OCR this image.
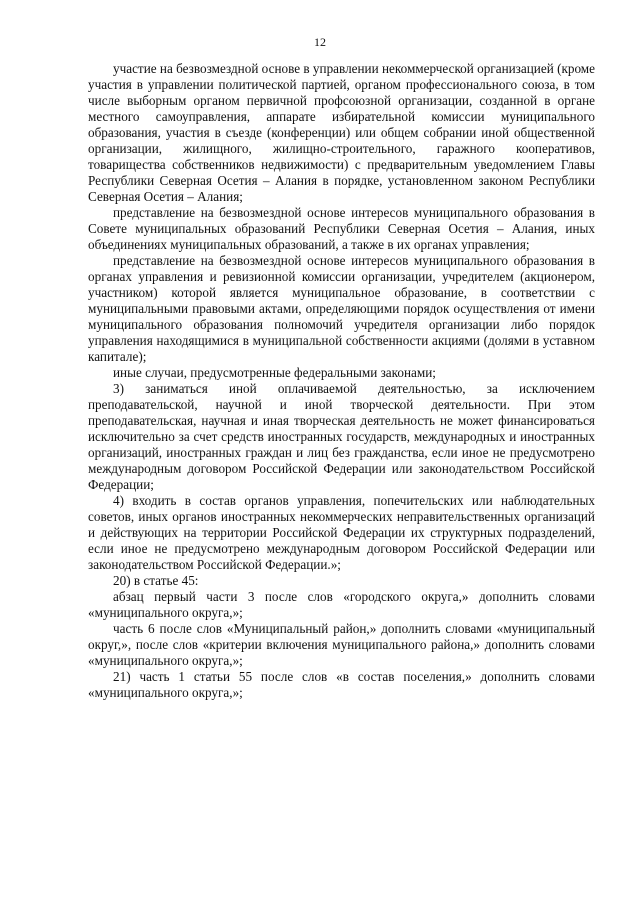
12

участие на безвозмездной основе в управлении некоммерческой организацией (кроме участия в управлении политической партией, органом профессионального союза, в том числе выборным органом первичной профсоюзной организации, созданной в органе местного самоуправления, аппарате избирательной комиссии муниципального образования, участия в съезде (конференции) или общем собрании иной общественной организации, жилищного, жилищно-строительного, гаражного кооперативов, товарищества собственников недвижимости) с предварительным уведомлением Главы Республики Северная Осетия – Алания в порядке, установленном законом Республики Северная Осетия – Алания;

представление на безвозмездной основе интересов муниципального образования в Совете муниципальных образований Республики Северная Осетия – Алания, иных объединениях муниципальных образований, а также в их органах управления;

представление на безвозмездной основе интересов муниципального образования в органах управления и ревизионной комиссии организации, учредителем (акционером, участником) которой является муниципальное образование, в соответствии с муниципальными правовыми актами, определяющими порядок осуществления от имени муниципального образования полномочий учредителя организации либо порядок управления находящимися в муниципальной собственности акциями (долями в уставном капитале);

иные случаи, предусмотренные федеральными законами;

3) заниматься иной оплачиваемой деятельностью, за исключением преподавательской, научной и иной творческой деятельности. При этом преподавательская, научная и иная творческая деятельность не может финансироваться исключительно за счет средств иностранных государств, международных и иностранных организаций, иностранных граждан и лиц без гражданства, если иное не предусмотрено международным договором Российской Федерации или законодательством Российской Федерации;

4) входить в состав органов управления, попечительских или наблюдательных советов, иных органов иностранных некоммерческих неправительственных организаций и действующих на территории Российской Федерации их структурных подразделений, если иное не предусмотрено международным договором Российской Федерации или законодательством Российской Федерации.»;

20) в статье 45:

абзац первый части 3 после слов «городского округа,» дополнить словами «муниципального округа,»;

часть 6 после слов «Муниципальный район,» дополнить словами «муниципальный округ,», после слов «критерии включения муниципального района,» дополнить словами «муниципального округа,»;

21) часть 1 статьи 55 после слов «в состав поселения,» дополнить словами «муниципального округа,»;
